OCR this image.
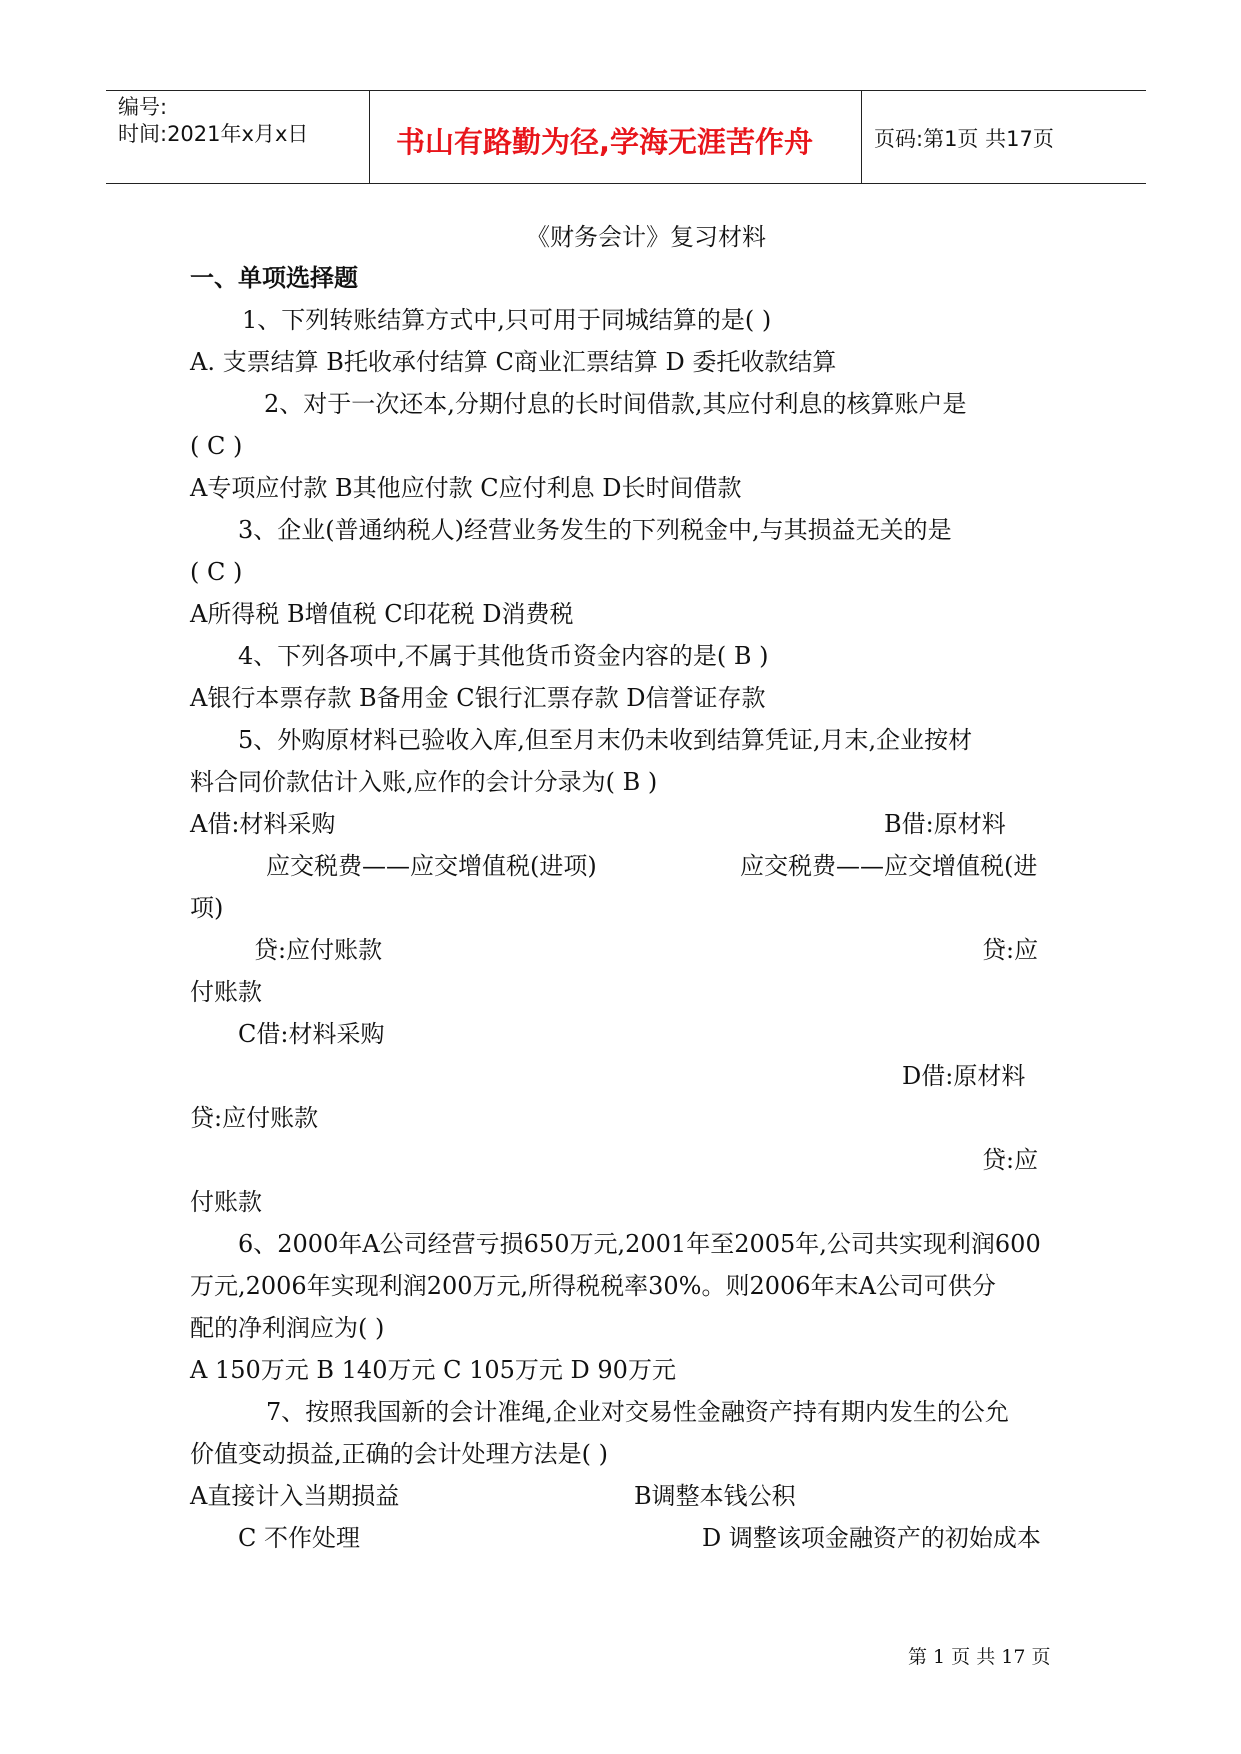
编号:
时间:2021年x月x日	书山有路勤为径,学海无涯苦作舟	页码:第1页 共17页
《财务会计》复习材料
一、单项选择题
1、下列转账结算方式中,只可用于同城结算的是( )
A. 支票结算 B托收承付结算 C商业汇票结算 D 委托收款结算
2、对于一次还本,分期付息的长时间借款,其应付利息的核算账户是
( C )
A专项应付款 B其他应付款 C应付利息 D长时间借款
3、企业(普通纳税人)经营业务发生的下列税金中,与其损益无关的是
( C )
A所得税 B增值税 C印花税 D消费税
4、下列各项中,不属于其他货币资金内容的是( B )
A银行本票存款 B备用金 C银行汇票存款 D信誉证存款
5、外购原材料已验收入库,但至月末仍未收到结算凭证,月末,企业按材
料合同价款估计入账,应作的会计分录为( B )
A借:材料采购	B借:原材料
应交税费——应交增值税(进项)	应交税费——应交增值税(进
项)
贷:应付账款	贷:应
付账款
C借:材料采购
D借:原材料
贷:应付账款
贷:应
付账款
6、2000年A公司经营亏损650万元,2001年至2005年,公司共实现利润600
万元,2006年实现利润200万元,所得税税率30%。则2006年末A公司可供分
配的净利润应为( )
A 150万元 B 140万元 C 105万元 D 90万元
7、按照我国新的会计准绳,企业对交易性金融资产持有期内发生的公允
价值变动损益,正确的会计处理方法是( )
A直接计入当期损益	B调整本钱公积
C 不作处理	D 调整该项金融资产的初始成本
第 1 页 共 17 页
